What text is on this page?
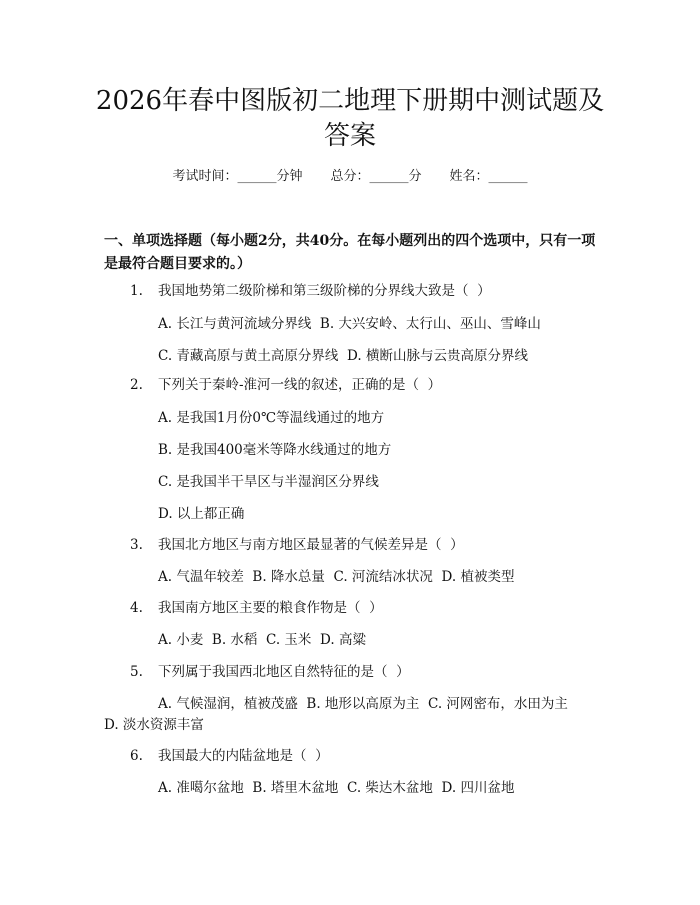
2026年春中图版初二地理下册期中测试题及
答案
考试时间：______分钟 总分：______分 姓名：______
一、单项选择题（每小题2分，共40分。在每小题列出的四个选项中，只有一项
是最符合题目要求的。）
1. 我国地势第二级阶梯和第三级阶梯的分界线大致是（  ）
A. 长江与黄河流域分界线  B. 大兴安岭、太行山、巫山、雪峰山
C. 青藏高原与黄土高原分界线  D. 横断山脉与云贵高原分界线
2. 下列关于秦岭-淮河一线的叙述，正确的是（  ）
A. 是我国1月份0℃等温线通过的地方
B. 是我国400毫米等降水线通过的地方
C. 是我国半干旱区与半湿润区分界线
D. 以上都正确
3. 我国北方地区与南方地区最显著的气候差异是（  ）
A. 气温年较差  B. 降水总量  C. 河流结冰状况  D. 植被类型
4. 我国南方地区主要的粮食作物是（  ）
A. 小麦  B. 水稻  C. 玉米  D. 高粱
5. 下列属于我国西北地区自然特征的是（  ）
A. 气候湿润，植被茂盛  B. 地形以高原为主  C. 河网密布，水田为主
D. 淡水资源丰富
6. 我国最大的内陆盆地是（  ）
A. 准噶尔盆地  B. 塔里木盆地  C. 柴达木盆地  D. 四川盆地
